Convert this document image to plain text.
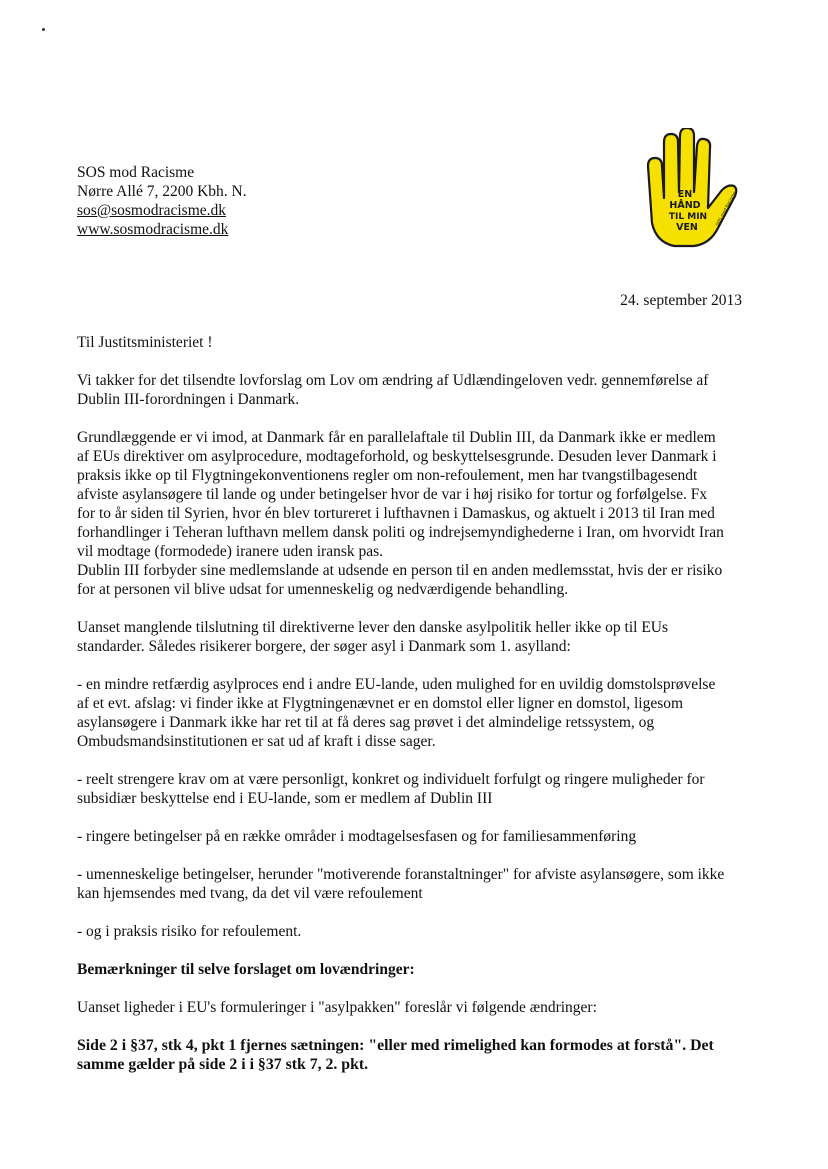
SOS mod Racisme
Nørre Allé 7, 2200 Kbh. N.
sos@sosmodracisme.dk
www.sosmodracisme.dk
EN
HÅND
TIL MIN
VEN
SOS mod Racisme
24. september 2013

Til Justitsministeriet !

Vi takker for det tilsendte lovforslag om Lov om ændring af Udlændingeloven vedr. gennemførelse af
Dublin III-forordningen i Danmark.

Grundlæggende er vi imod, at Danmark får en parallelaftale til Dublin III, da Danmark ikke er medlem
af EUs direktiver om asylprocedure, modtageforhold, og beskyttelsesgrunde. Desuden lever Danmark i
praksis ikke op til Flygtningekonventionens regler om non-refoulement, men har tvangstilbagesendt
afviste asylansøgere til lande og under betingelser hvor de var i høj risiko for tortur og forfølgelse. Fx
for to år siden til Syrien, hvor én blev tortureret i lufthavnen i Damaskus, og aktuelt i 2013 til Iran med
forhandlinger i Teheran lufthavn mellem dansk politi og indrejsemyndighederne i Iran, om hvorvidt Iran
vil modtage (formodede) iranere uden iransk pas.
Dublin III forbyder sine medlemslande at udsende en person til en anden medlemsstat, hvis der er risiko
for at personen vil blive udsat for umenneskelig og nedværdigende behandling.

Uanset manglende tilslutning til direktiverne lever den danske asylpolitik heller ikke op til EUs
standarder. Således risikerer borgere, der søger asyl i Danmark som 1. asylland:

- en mindre retfærdig asylproces end i andre EU-lande, uden mulighed for en uvildig domstolsprøvelse
af et evt. afslag: vi finder ikke at Flygtningenævnet er en domstol eller ligner en domstol, ligesom
asylansøgere i Danmark ikke har ret til at få deres sag prøvet i det almindelige retssystem, og
Ombudsmandsinstitutionen er sat ud af kraft i disse sager.

- reelt strengere krav om at være personligt, konkret og individuelt forfulgt og ringere muligheder for
subsidiær beskyttelse end i EU-lande, som er medlem af Dublin III

- ringere betingelser på en række områder i modtagelsesfasen og for familiesammenføring

- umenneskelige betingelser, herunder "motiverende foranstaltninger" for afviste asylansøgere, som ikke
kan hjemsendes med tvang, da det vil være refoulement

- og i praksis risiko for refoulement.

Bemærkninger til selve forslaget om lovændringer:

Uanset ligheder i EU's formuleringer i "asylpakken" foreslår vi følgende ændringer:

Side 2 i §37, stk 4, pkt 1 fjernes sætningen: "eller med rimelighed kan formodes at forstå". Det
samme gælder på side 2 i i §37 stk 7, 2. pkt.
